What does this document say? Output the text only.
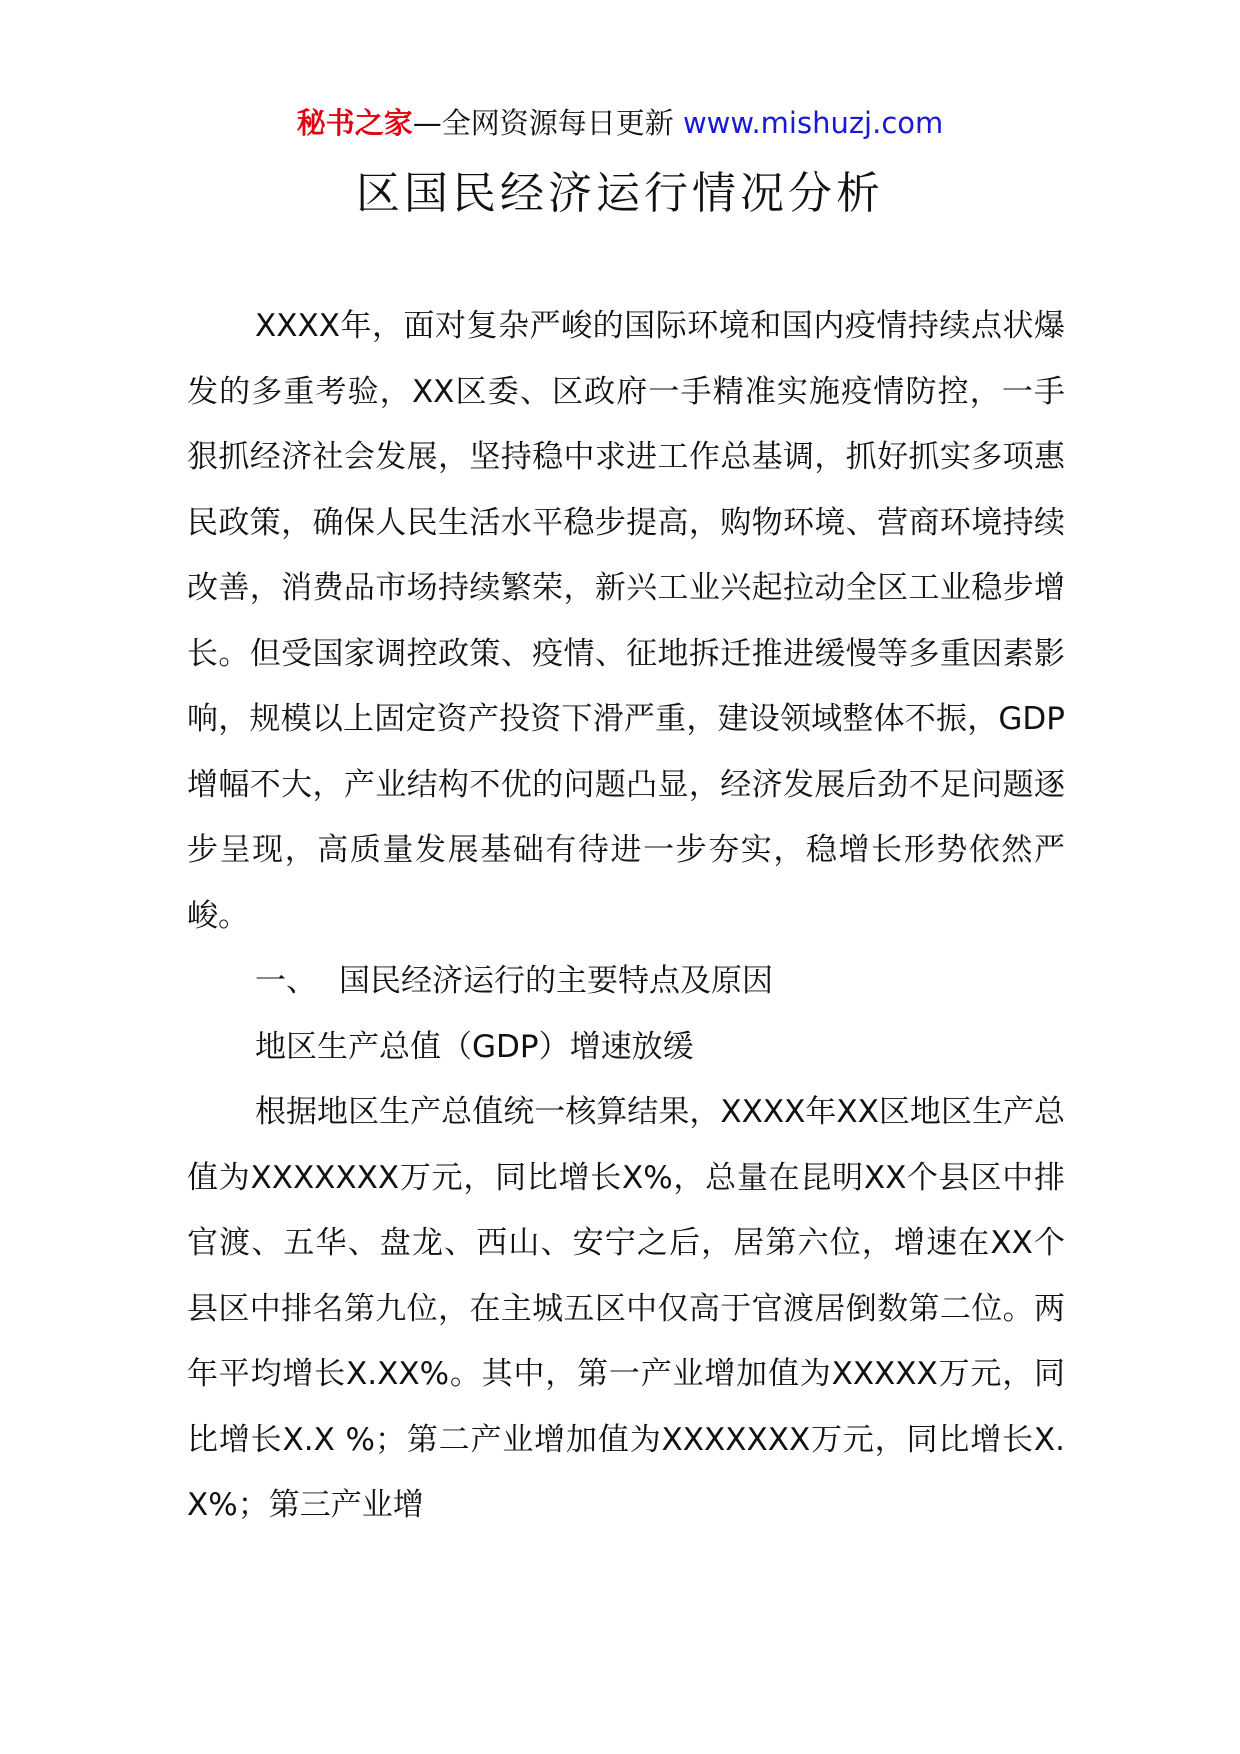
秘书之家—全网资源每日更新 www.mishuzj.com
区国民经济运行情况分析

XXXX年，面对复杂严峻的国际环境和国内疫情持续点状爆发的多重考验，XX区委、区政府一手精准实施疫情防控，一手狠抓经济社会发展，坚持稳中求进工作总基调，抓好抓实多项惠民政策，确保人民生活水平稳步提高，购物环境、营商环境持续改善，消费品市场持续繁荣，新兴工业兴起拉动全区工业稳步增长。但受国家调控政策、疫情、征地拆迁推进缓慢等多重因素影响，规模以上固定资产投资下滑严重，建设领域整体不振，GDP增幅不大，产业结构不优的问题凸显，经济发展后劲不足问题逐步呈现，高质量发展基础有待进一步夯实，稳增长形势依然严峻。

一、 国民经济运行的主要特点及原因

地区生产总值（GDP）增速放缓

根据地区生产总值统一核算结果，XXXX年XX区地区生产总值为XXXXXXX万元，同比增长X%，总量在昆明XX个县区中排官渡、五华、盘龙、西山、安宁之后，居第六位，增速在XX个县区中排名第九位，在主城五区中仅高于官渡居倒数第二位。两年平均增长X.XX%。其中，第一产业增加值为XXXXX万元，同比增长X.X %；第二产业增加值为XXXXXXX万元，同比增长X.X%；第三产业增
